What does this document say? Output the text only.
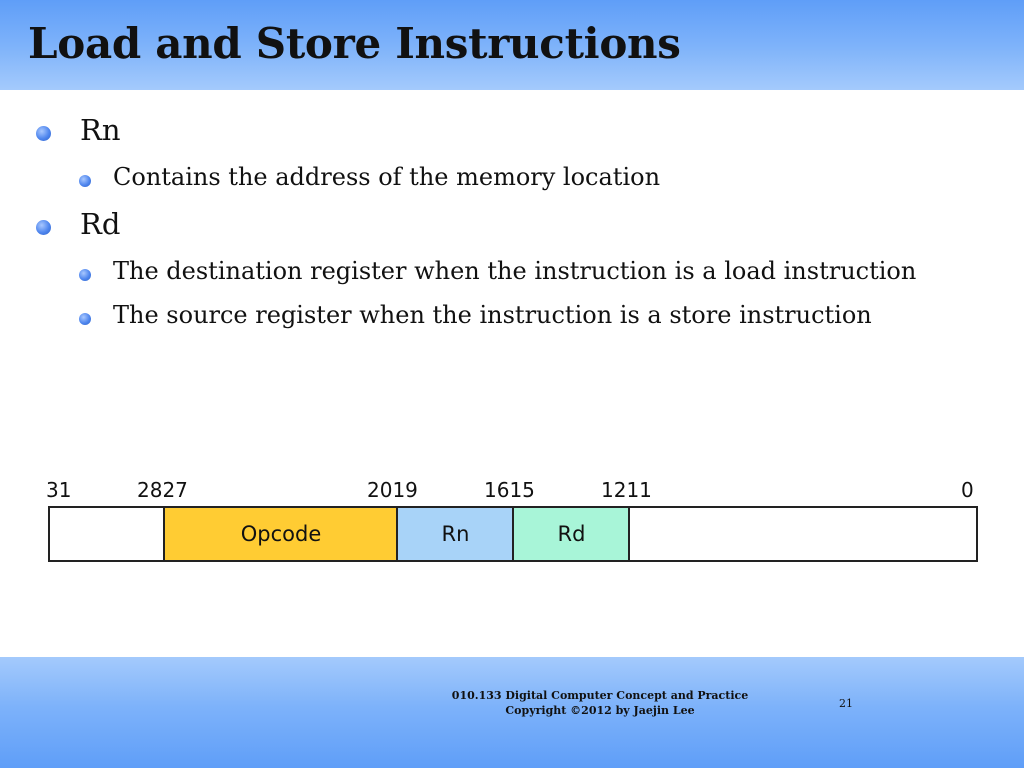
Load and Store Instructions
Rn
Contains the address of the memory location
Rd
The destination register when the instruction is a load instruction
The source register when the instruction is a store instruction
31	2827	2019	1615	1211	0
Opcode	Rn	Rd
010.133 Digital Computer Concept and Practice
Copyright ©2012 by Jaejin Lee
21
